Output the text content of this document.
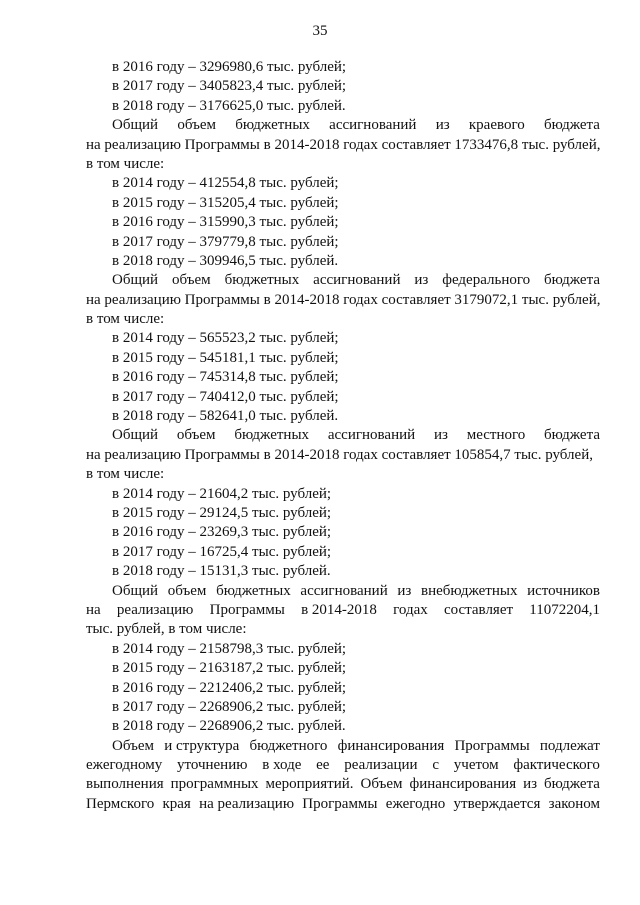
35
в 2016 году – 3296980,6 тыс. рублей;
в 2017 году – 3405823,4 тыс. рублей;
в 2018 году – 3176625,0 тыс. рублей.
Общий объем бюджетных ассигнований из краевого бюджета
на реализацию Программы в 2014-2018 годах составляет 1733476,8 тыс. рублей,
в том числе:
в 2014 году – 412554,8 тыс. рублей;
в 2015 году – 315205,4 тыс. рублей;
в 2016 году – 315990,3 тыс. рублей;
в 2017 году – 379779,8 тыс. рублей;
в 2018 году – 309946,5 тыс. рублей.
Общий объем бюджетных ассигнований из федерального бюджета
на реализацию Программы в 2014-2018 годах составляет 3179072,1 тыс. рублей,
в том числе:
в 2014 году – 565523,2 тыс. рублей;
в 2015 году – 545181,1 тыс. рублей;
в 2016 году – 745314,8 тыс. рублей;
в 2017 году – 740412,0 тыс. рублей;
в 2018 году – 582641,0 тыс. рублей.
Общий объем бюджетных ассигнований из местного бюджета
на реализацию Программы в 2014-2018 годах составляет 105854,7 тыс. рублей,
в том числе:
в 2014 году – 21604,2 тыс. рублей;
в 2015 году – 29124,5 тыс. рублей;
в 2016 году – 23269,3 тыс. рублей;
в 2017 году – 16725,4 тыс. рублей;
в 2018 году – 15131,3 тыс. рублей.
Общий объем бюджетных ассигнований из внебюджетных источников
на реализацию Программы в 2014-2018 годах составляет 11072204,1
тыс. рублей, в том числе:
в 2014 году – 2158798,3 тыс. рублей;
в 2015 году – 2163187,2 тыс. рублей;
в 2016 году – 2212406,2 тыс. рублей;
в 2017 году – 2268906,2 тыс. рублей;
в 2018 году – 2268906,2 тыс. рублей.
Объем и структура бюджетного финансирования Программы подлежат
ежегодному уточнению в ходе ее реализации с учетом фактического
выполнения программных мероприятий. Объем финансирования из бюджета
Пермского края на реализацию Программы ежегодно утверждается законом
